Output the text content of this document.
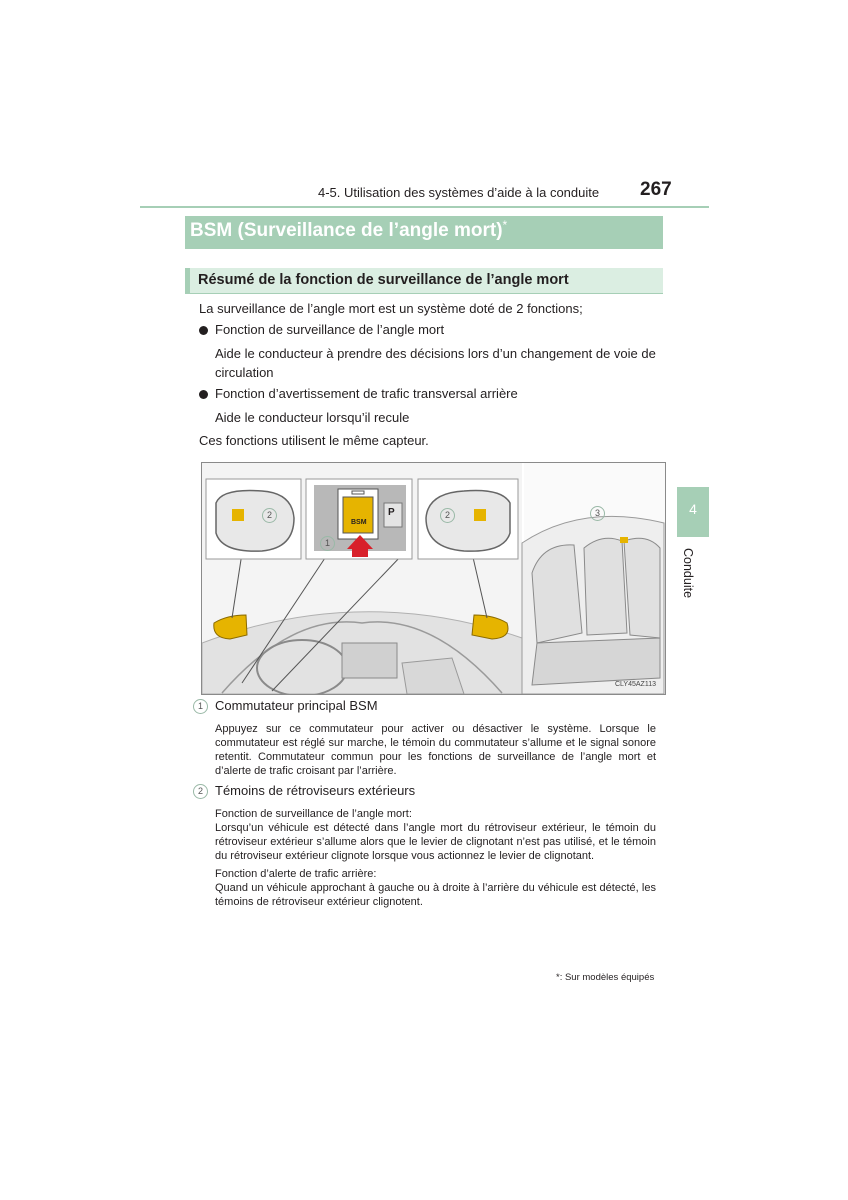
4-5. Utilisation des systèmes d’aide à la conduite 267
BSM (Surveillance de l’angle mort)*
Résumé de la fonction de surveillance de l’angle mort
4
Conduite
La surveillance de l’angle mort est un système doté de 2 fonctions;
Fonction de surveillance de l’angle mort
Aide le conducteur à prendre des décisions lors d’un changement de voie de
circulation
Fonction d’avertissement de trafic transversal arrière
Aide le conducteur lorsqu’il recule
Ces fonctions utilisent le même capteur.
2
1
2	3
BSM
P
CLY45AZ113
1 Commutateur principal BSM

Appuyez sur ce commutateur pour activer ou désactiver le système. Lorsque le commutateur est réglé sur marche, le témoin du commutateur s’allume et le signal sonore retentit. Commutateur commun pour les fonctions de surveillance de l’angle mort et d’alerte de trafic croisant par l’arrière.

2 Témoins de rétroviseurs extérieurs

Fonction de surveillance de l’angle mort:

Lorsqu’un véhicule est détecté dans l’angle mort du rétroviseur extérieur, le témoin du rétroviseur extérieur s’allume alors que le levier de clignotant n’est pas utilisé, et le témoin du rétroviseur extérieur clignote lorsque vous actionnez le levier de clignotant.

Fonction d’alerte de trafic arrière:

Quand un véhicule approchant à gauche ou à droite à l’arrière du véhicule est détecté, les témoins de rétroviseur extérieur clignotent.

*: Sur modèles équipés
